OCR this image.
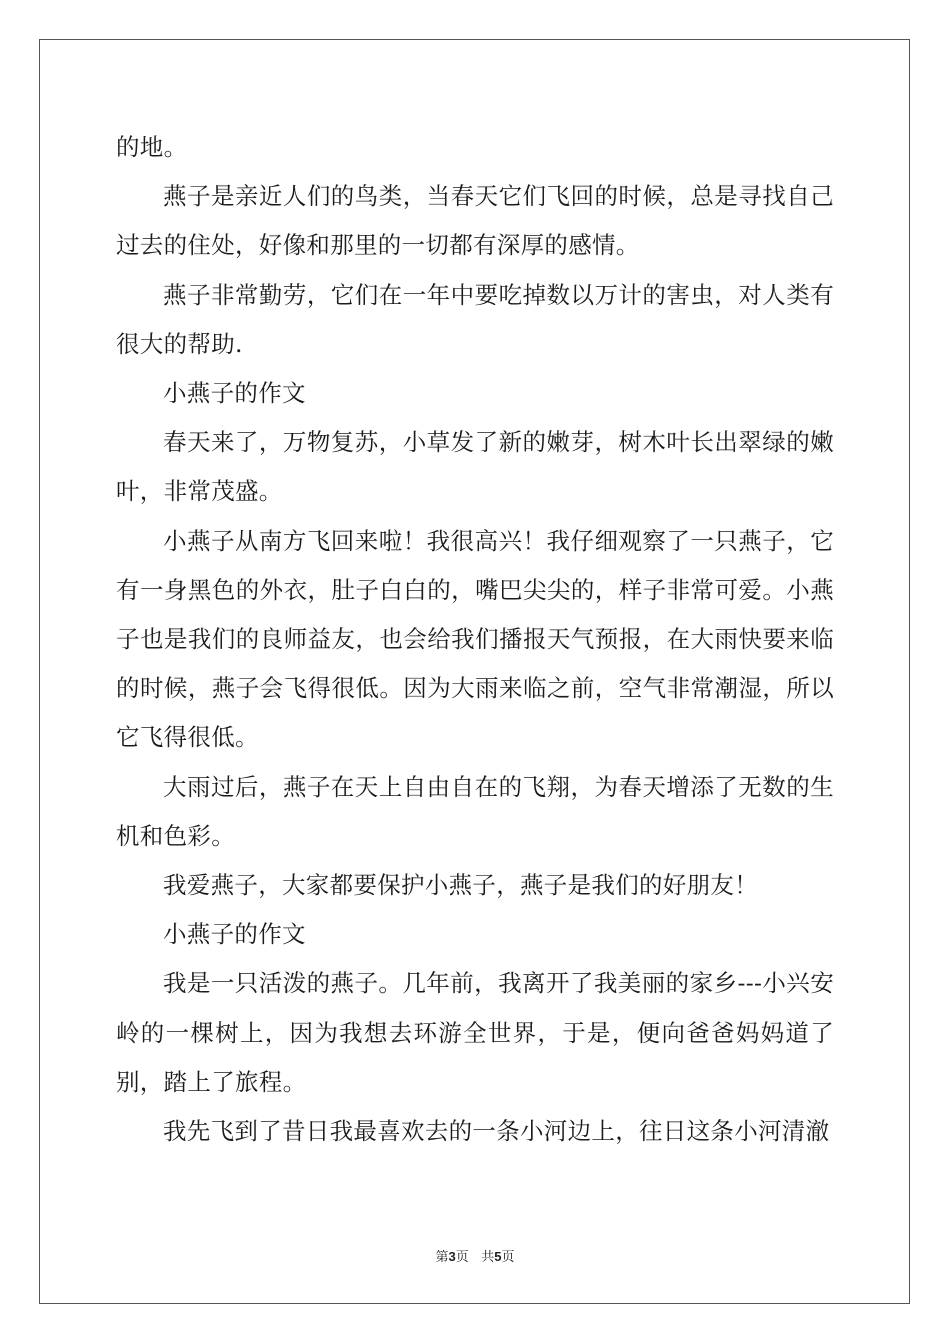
的地。

燕子是亲近人们的鸟类，当春天它们飞回的时候，总是寻找自己过去的住处，好像和那里的一切都有深厚的感情。

燕子非常勤劳，它们在一年中要吃掉数以万计的害虫，对人类有很大的帮助.

小燕子的作文

春天来了，万物复苏，小草发了新的嫩芽，树木叶长出翠绿的嫩叶，非常茂盛。

小燕子从南方飞回来啦！我很高兴！我仔细观察了一只燕子，它有一身黑色的外衣，肚子白白的，嘴巴尖尖的，样子非常可爱。小燕子也是我们的良师益友，也会给我们播报天气预报，在大雨快要来临的时候，燕子会飞得很低。因为大雨来临之前，空气非常潮湿，所以它飞得很低。

大雨过后，燕子在天上自由自在的飞翔，为春天增添了无数的生机和色彩。

我爱燕子，大家都要保护小燕子，燕子是我们的好朋友！

小燕子的作文

我是一只活泼的燕子。几年前，我离开了我美丽的家乡---小兴安岭的一棵树上，因为我想去环游全世界，于是，便向爸爸妈妈道了别，踏上了旅程。

我先飞到了昔日我最喜欢去的一条小河边上，往日这条小河清澈

第3页 共5页
